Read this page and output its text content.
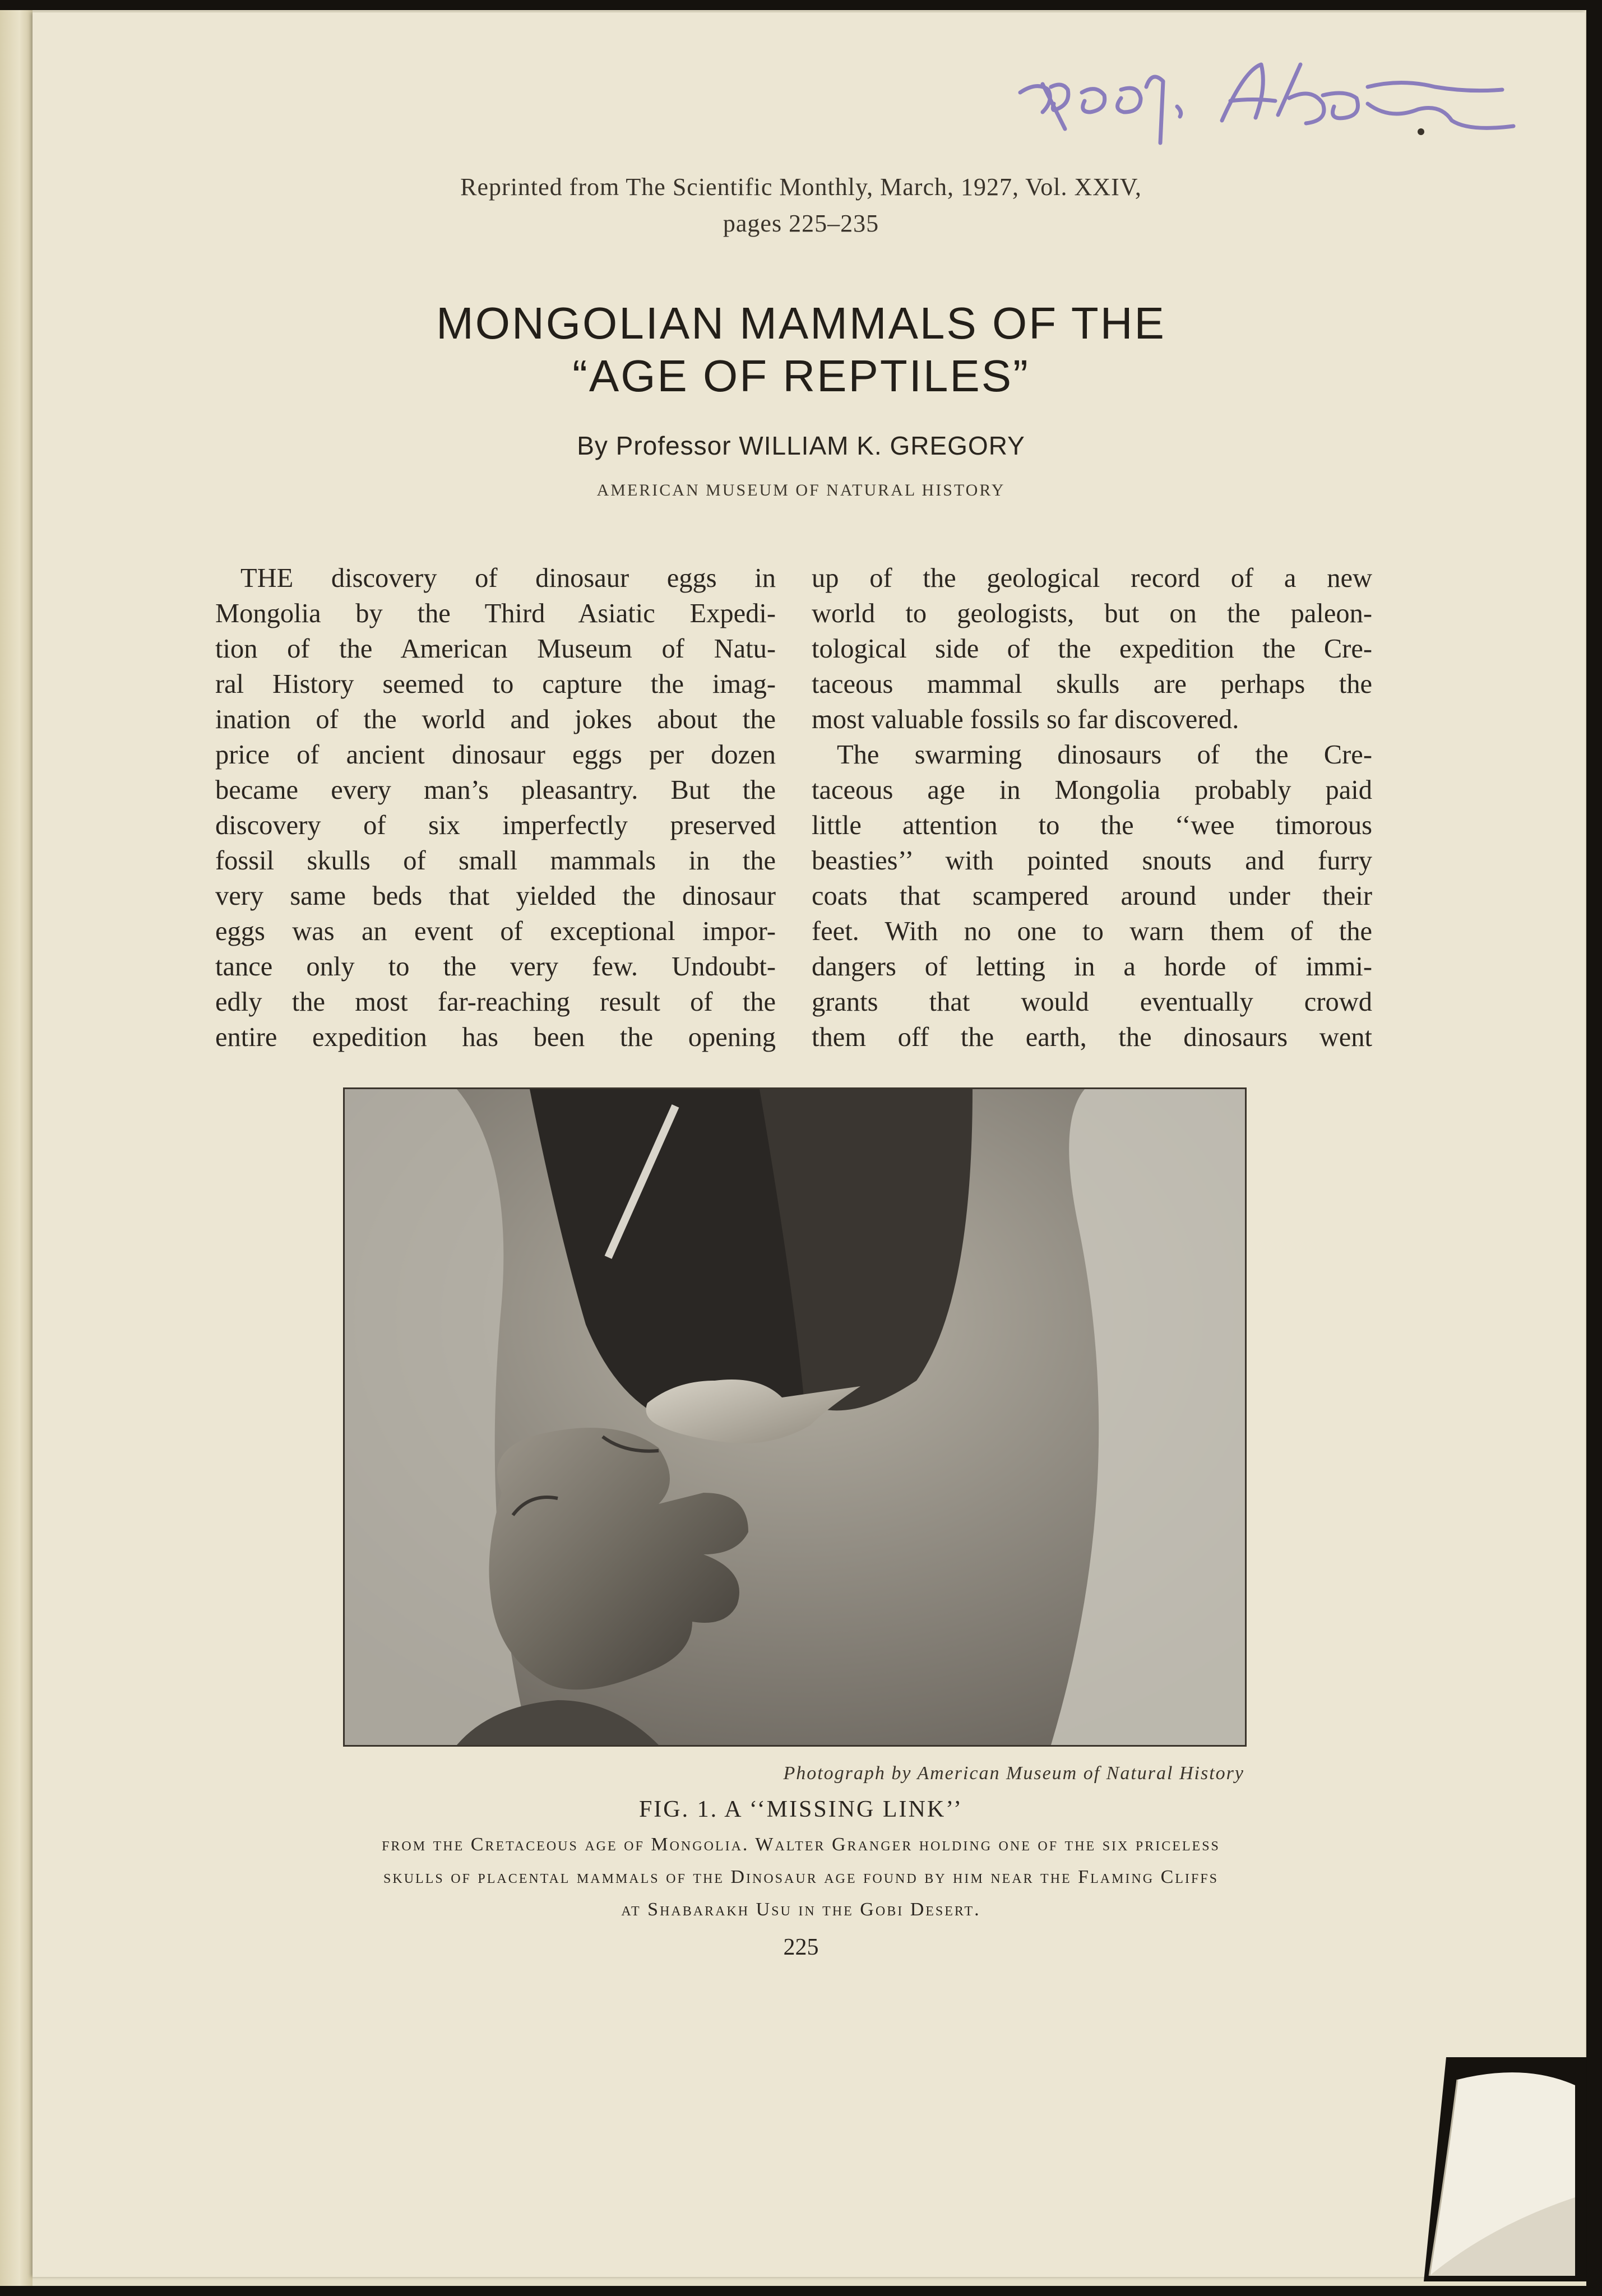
Reprinted from The Scientific Monthly, March, 1927, Vol. XXIV,
pages 225–235
MONGOLIAN MAMMALS OF THE
“AGE OF REPTILES”
By Professor WILLIAM K. GREGORY
AMERICAN MUSEUM OF NATURAL HISTORY
THE discovery of dinosaur eggs in
Mongolia by the Third Asiatic Expedi-
tion of the American Museum of Natu-
ral History seemed to capture the imag-
ination of the world and jokes about the
price of ancient dinosaur eggs per dozen
became every man’s pleasantry. But the
discovery of six imperfectly preserved
fossil skulls of small mammals in the
very same beds that yielded the dinosaur
eggs was an event of exceptional impor-
tance only to the very few. Undoubt-
edly the most far-reaching result of the
entire expedition has been the opening
up of the geological record of a new
world to geologists, but on the paleon-
tological side of the expedition the Cre-
taceous mammal skulls are perhaps the
most valuable fossils so far discovered.
The swarming dinosaurs of the Cre-
taceous age in Mongolia probably paid
little attention to the ‘‘wee timorous
beasties’’ with pointed snouts and furry
coats that scampered around under their
feet. With no one to warn them of the
dangers of letting in a horde of immi-
grants that would eventually crowd
them off the earth, the dinosaurs went
Photograph by American Museum of Natural History
FIG. 1. A ‘‘MISSING LINK’’
from the Cretaceous age of Mongolia. Walter Granger holding one of the six priceless
skulls of placental mammals of the Dinosaur age found by him near the Flaming Cliffs
at Shabarakh Usu in the Gobi Desert.
225
